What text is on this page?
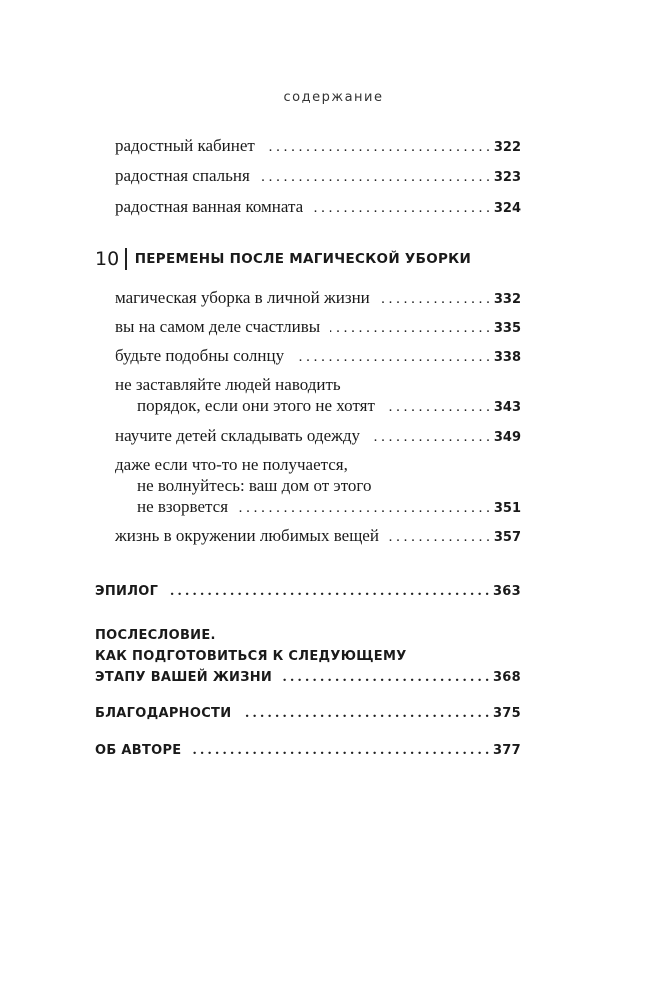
содержание
радостный кабинет . . .	322
радостная спальня . . .	323
радостная ванная комната . . .	324
10 ПЕРЕМЕНЫ ПОСЛЕ МАГИЧЕСКОЙ УБОРКИ
магическая уборка в личной жизни . . .	332
вы на самом деле счастливы . . .	335
будьте подобны солнцу . . .	338
не заставляйте людей наводить
порядок, если они этого не хотят . . .	343
научите детей складывать одежду . . .	349
даже если что-то не получается,
не волнуйтесь: ваш дом от этого
не взорвется . . .	351
жизнь в окружении любимых вещей . . .	357
ЭПИЛОГ . . .	363
ПОСЛЕСЛОВИЕ.
КАК ПОДГОТОВИТЬСЯ К СЛЕДУЮЩЕМУ
ЭТАПУ ВАШЕЙ ЖИЗНИ . . .	368
БЛАГОДАРНОСТИ . . .	375
ОБ АВТОРЕ . . .	377
